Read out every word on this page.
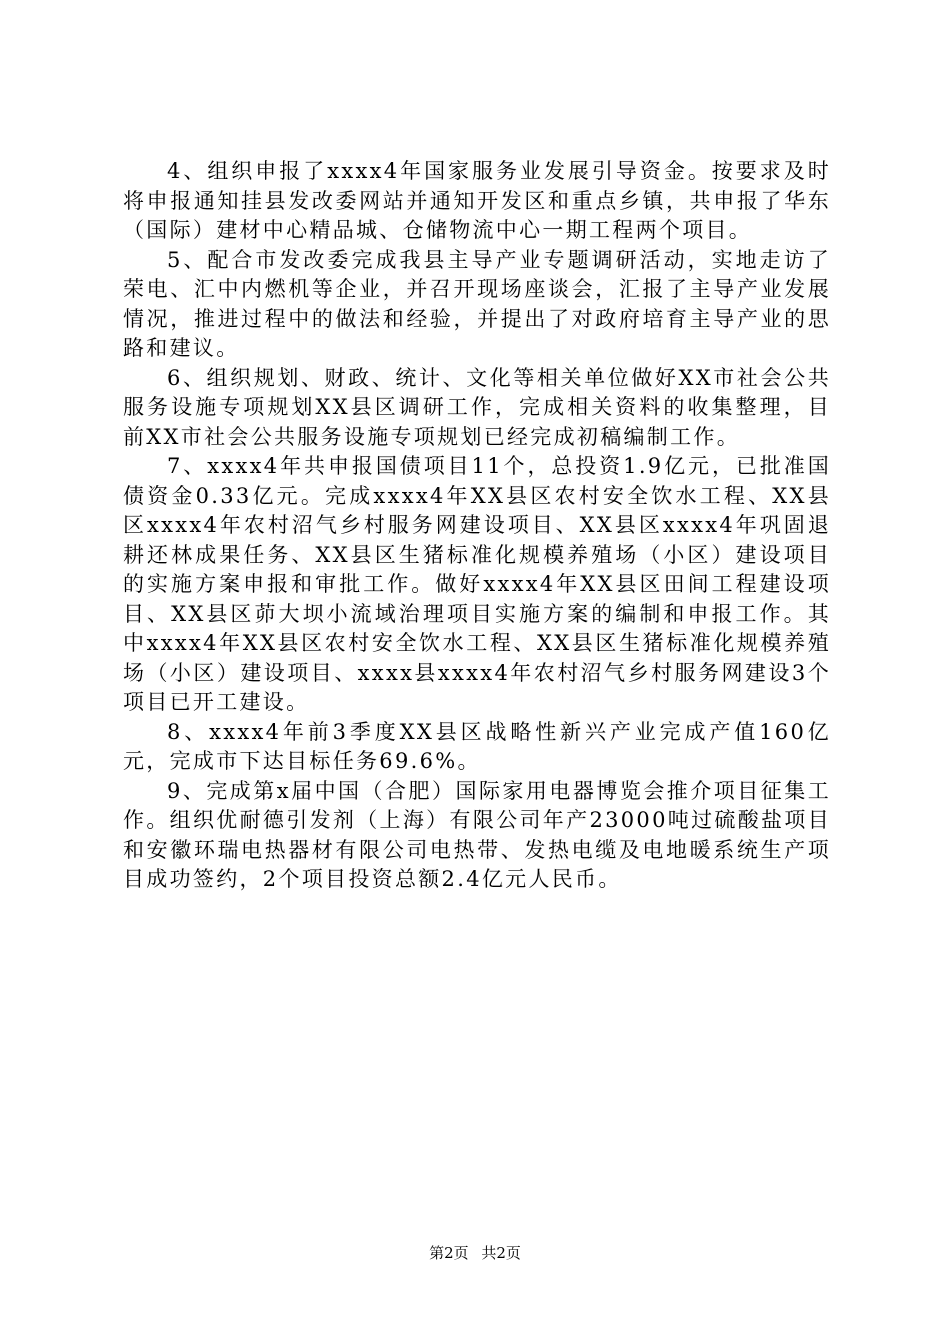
4、组织申报了xxxx4年国家服务业发展引导资金。按要求及时将申报通知挂县发改委网站并通知开发区和重点乡镇，共申报了华东（国际）建材中心精品城、仓储物流中心一期工程两个项目。

5、配合市发改委完成我县主导产业专题调研活动，实地走访了荣电、汇中内燃机等企业，并召开现场座谈会，汇报了主导产业发展情况，推进过程中的做法和经验，并提出了对政府培育主导产业的思路和建议。

6、组织规划、财政、统计、文化等相关单位做好XX市社会公共服务设施专项规划XX县区调研工作，完成相关资料的收集整理，目前XX市社会公共服务设施专项规划已经完成初稿编制工作。

7、xxxx4年共申报国债项目11个，总投资1.9亿元，已批准国债资金0.33亿元。完成xxxx4年XX县区农村安全饮水工程、XX县区xxxx4年农村沼气乡村服务网建设项目、XX县区xxxx4年巩固退耕还林成果任务、XX县区生猪标准化规模养殖场（小区）建设项目的实施方案申报和审批工作。做好xxxx4年XX县区田间工程建设项目、XX县区茆大坝小流域治理项目实施方案的编制和申报工作。其中xxxx4年XX县区农村安全饮水工程、XX县区生猪标准化规模养殖场（小区）建设项目、xxxx县xxxx4年农村沼气乡村服务网建设3个项目已开工建设。

8、xxxx4年前3季度XX县区战略性新兴产业完成产值160亿元，完成市下达目标任务69.6%。

9、完成第x届中国（合肥）国际家用电器博览会推介项目征集工作。组织优耐德引发剂（上海）有限公司年产23000吨过硫酸盐项目和安徽环瑞电热器材有限公司电热带、发热电缆及电地暖系统生产项目成功签约，2个项目投资总额2.4亿元人民币。

第2页 共2页
